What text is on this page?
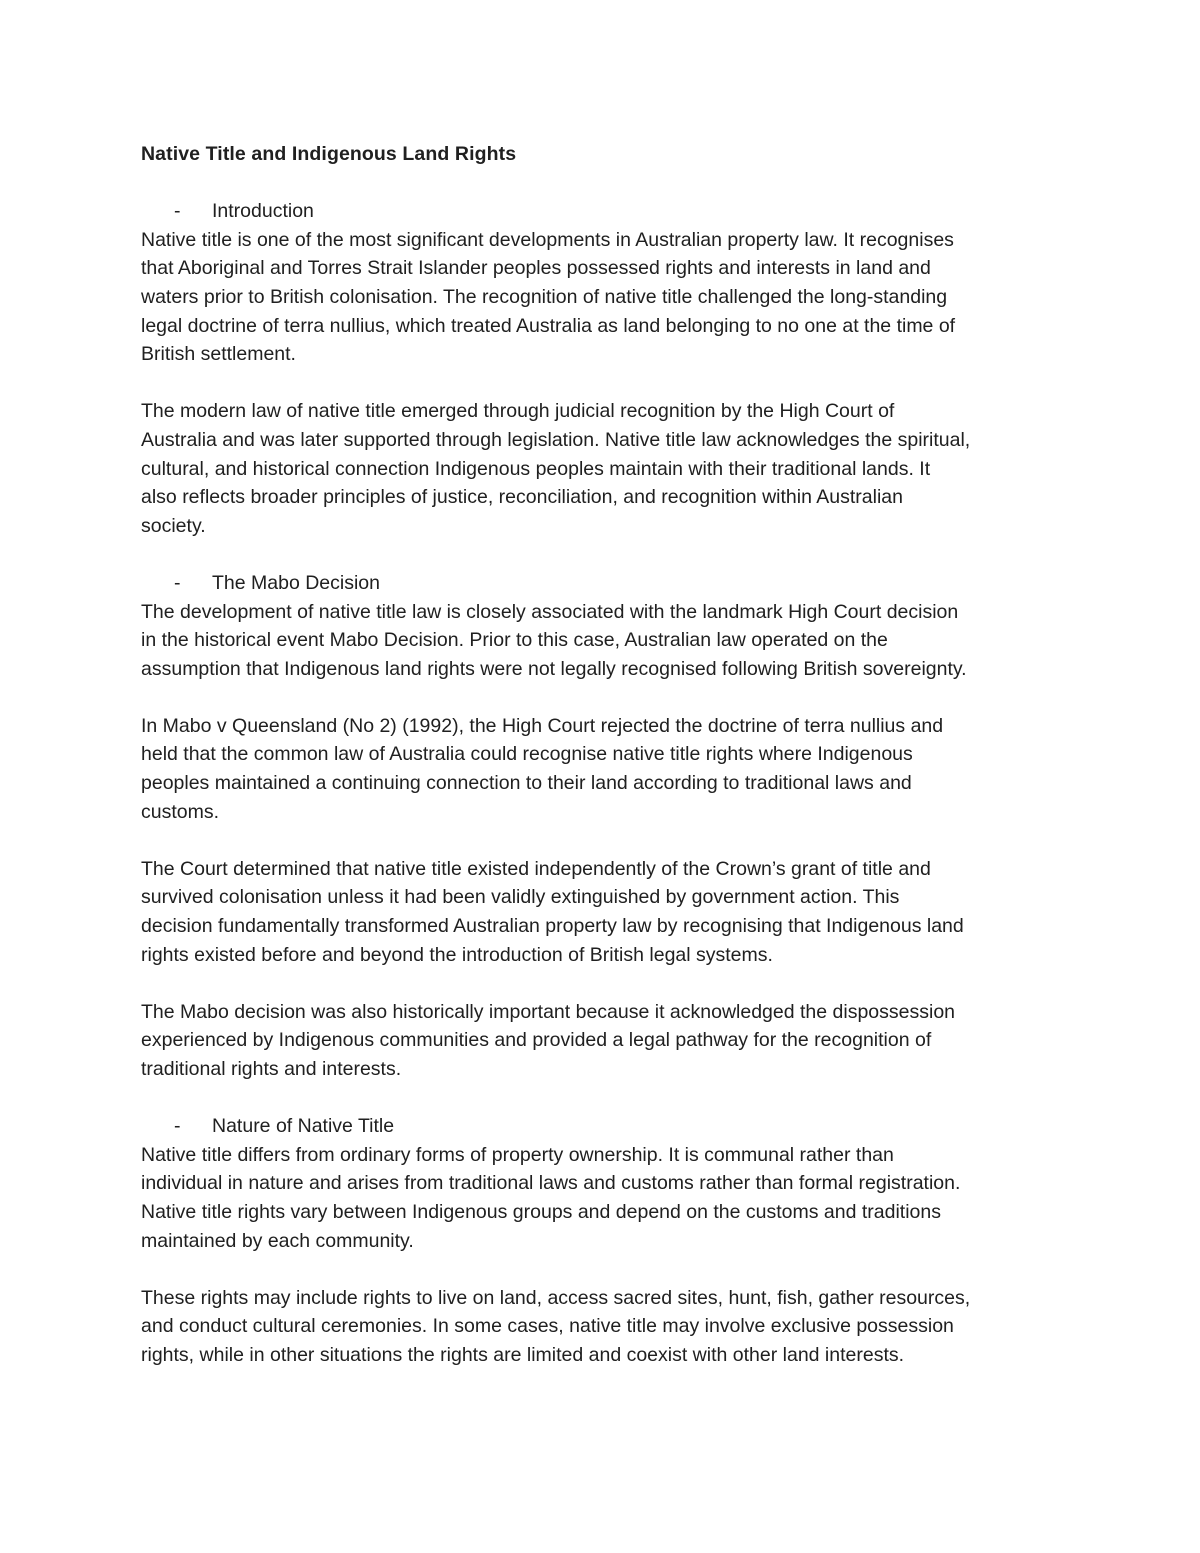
Native Title and Indigenous Land Rights
- Introduction
Native title is one of the most significant developments in Australian property law. It recognises
that Aboriginal and Torres Strait Islander peoples possessed rights and interests in land and
waters prior to British colonisation. The recognition of native title challenged the long-standing
legal doctrine of terra nullius, which treated Australia as land belonging to no one at the time of
British settlement.
The modern law of native title emerged through judicial recognition by the High Court of
Australia and was later supported through legislation. Native title law acknowledges the spiritual,
cultural, and historical connection Indigenous peoples maintain with their traditional lands. It
also reflects broader principles of justice, reconciliation, and recognition within Australian
society.
- The Mabo Decision
The development of native title law is closely associated with the landmark High Court decision
in the historical event Mabo Decision. Prior to this case, Australian law operated on the
assumption that Indigenous land rights were not legally recognised following British sovereignty.
In Mabo v Queensland (No 2) (1992), the High Court rejected the doctrine of terra nullius and
held that the common law of Australia could recognise native title rights where Indigenous
peoples maintained a continuing connection to their land according to traditional laws and
customs.
The Court determined that native title existed independently of the Crown’s grant of title and
survived colonisation unless it had been validly extinguished by government action. This
decision fundamentally transformed Australian property law by recognising that Indigenous land
rights existed before and beyond the introduction of British legal systems.
The Mabo decision was also historically important because it acknowledged the dispossession
experienced by Indigenous communities and provided a legal pathway for the recognition of
traditional rights and interests.
- Nature of Native Title
Native title differs from ordinary forms of property ownership. It is communal rather than
individual in nature and arises from traditional laws and customs rather than formal registration.
Native title rights vary between Indigenous groups and depend on the customs and traditions
maintained by each community.
These rights may include rights to live on land, access sacred sites, hunt, fish, gather resources,
and conduct cultural ceremonies. In some cases, native title may involve exclusive possession
rights, while in other situations the rights are limited and coexist with other land interests.
